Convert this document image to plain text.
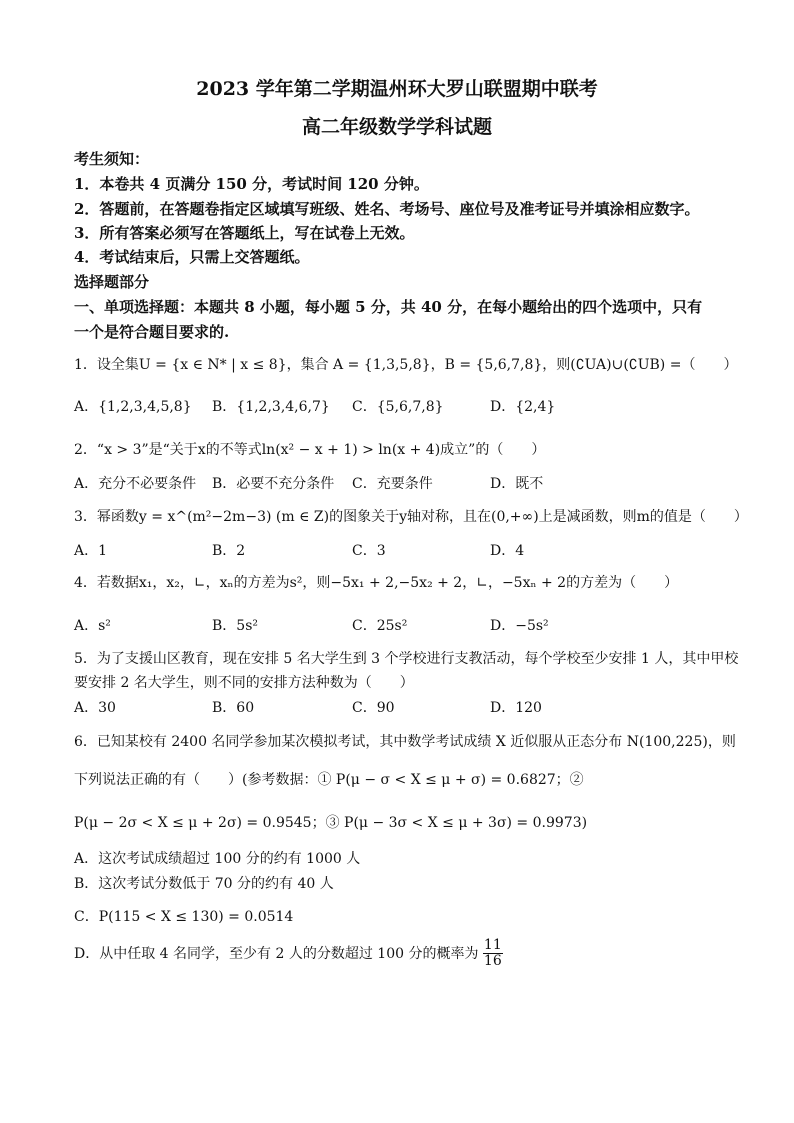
2023 学年第二学期温州环大罗山联盟期中联考
高二年级数学学科试题
考生须知：
1．本卷共 4 页满分 150 分，考试时间 120 分钟。
2．答题前，在答题卷指定区域填写班级、姓名、考场号、座位号及准考证号并填涂相应数字。
3．所有答案必须写在答题纸上，写在试卷上无效。
4．考试结束后，只需上交答题纸。
选择题部分
一、单项选择题：本题共 8 小题，每小题 5 分，共 40 分，在每小题给出的四个选项中，只有
一个是符合题目要求的.
1．设全集U = {x ∈ N* | x ≤ 8}，集合 A = {1,3,5,8}，B = {5,6,7,8}，则(∁UA)∪(∁UB) =（　　）
A．{1,2,3,4,5,8} B．{1,2,3,4,6,7} C．{5,6,7,8}	D．{2,4}
2．“x > 3”是“关于x的不等式ln(x² − x + 1) > ln(x + 4)成立”的（　　）
A．充分不必要条件 B．必要不充分条件 C．充要条件	D．既不
3．幂函数y = x^(m²−2m−3) (m ∈ Z)的图象关于y轴对称，且在(0,+∞)上是减函数，则m的值是（　　）
A．1	B．2	C．3	D．4
4．若数据x₁，x₂，∟，xₙ的方差为s²，则−5x₁ + 2,−5x₂ + 2，∟，−5xₙ + 2的方差为（　　）
A．s²	B．5s²	C．25s²	D．−5s²
5．为了支援山区教育，现在安排 5 名大学生到 3 个学校进行支教活动，每个学校至少安排 1 人，其中甲校
要安排 2 名大学生，则不同的安排方法种数为（　　）
A．30	B．60	C．90	D．120
6．已知某校有 2400 名同学参加某次模拟考试，其中数学考试成绩 X 近似服从正态分布 N(100,225)，则
下列说法正确的有（　　）(参考数据：① P(μ − σ < X ≤ μ + σ) = 0.6827；②
P(μ − 2σ < X ≤ μ + 2σ) = 0.9545；③ P(μ − 3σ < X ≤ μ + 3σ) = 0.9973)
A．这次考试成绩超过 100 分的约有 1000 人
B．这次考试分数低于 70 分的约有 40 人
C．P(115 < X ≤ 130) = 0.0514
D．从中任取 4 名同学，至少有 2 人的分数超过 100 分的概率为 $\frac{11}{16}$
